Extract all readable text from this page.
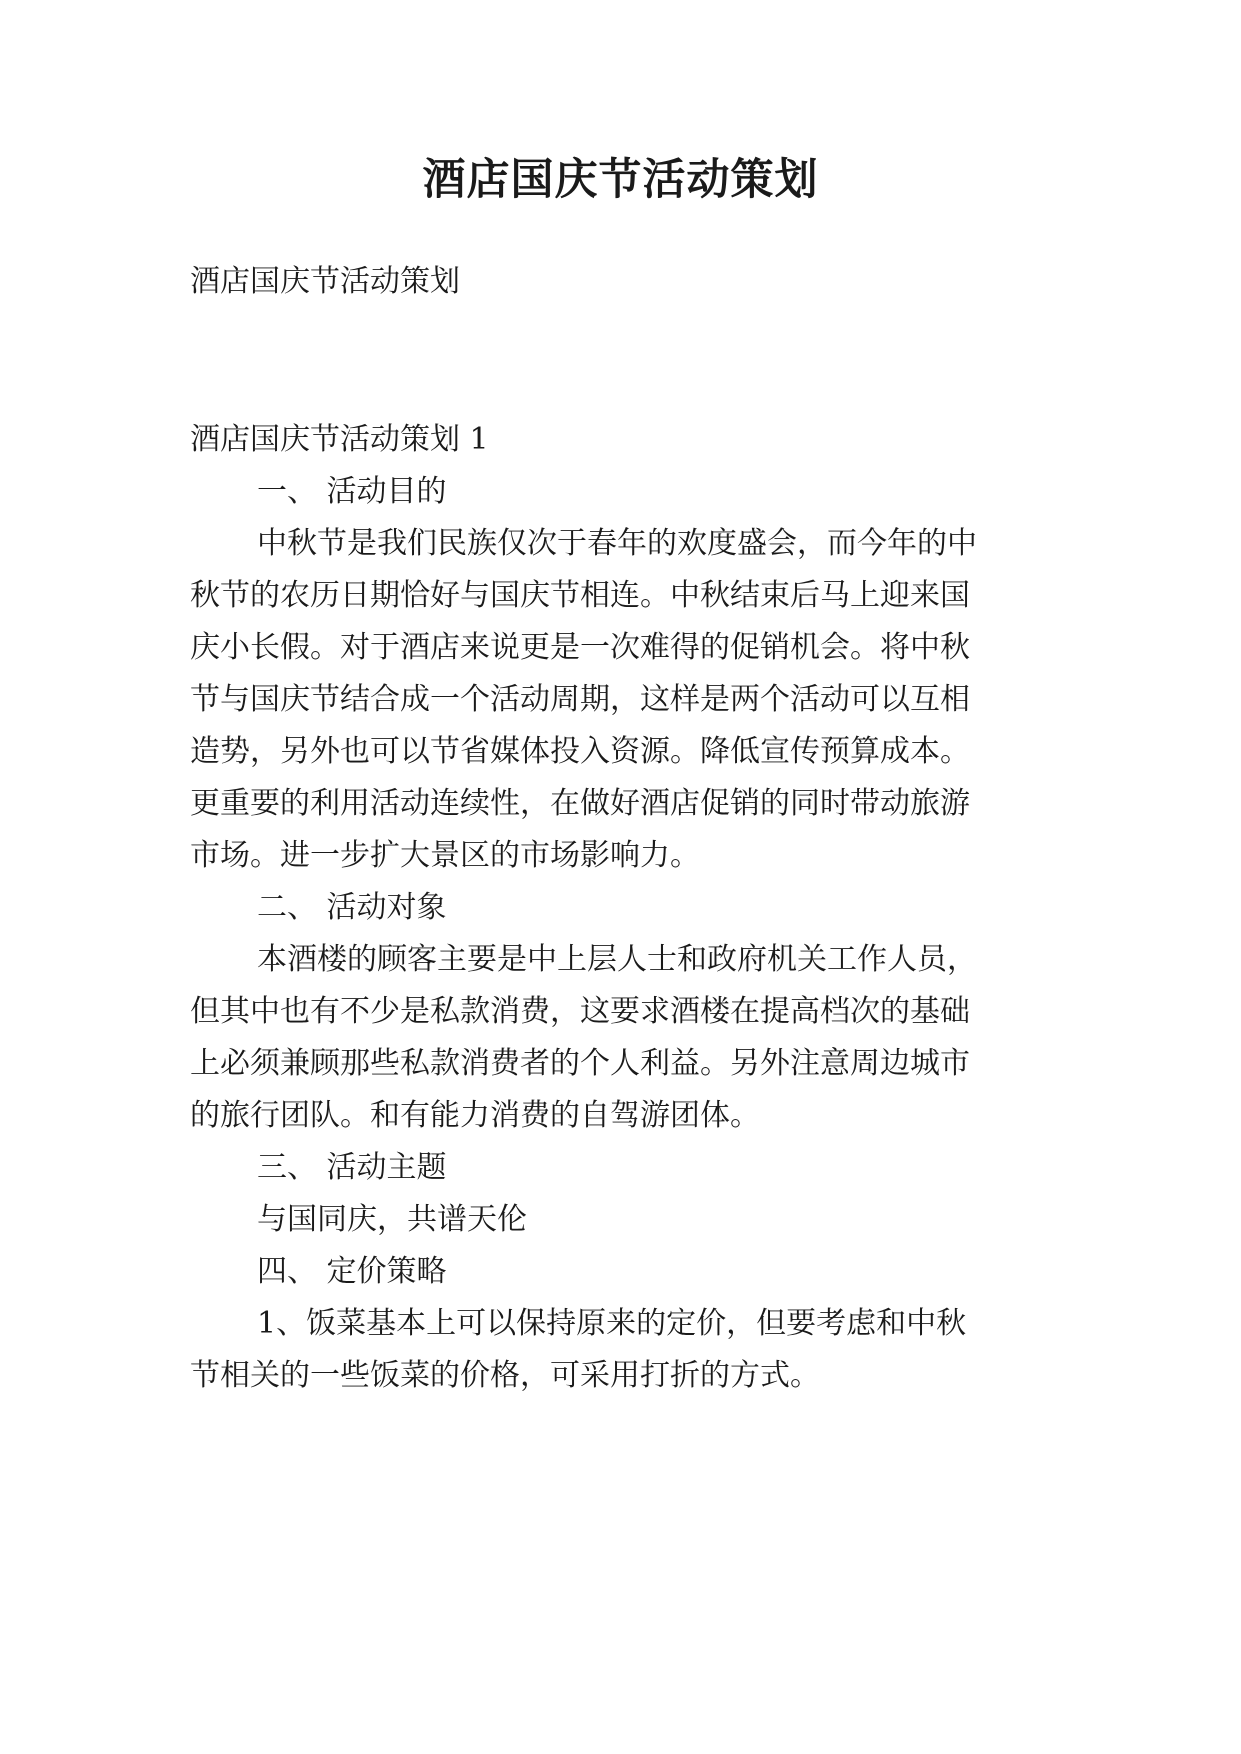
酒店国庆节活动策划
酒店国庆节活动策划
酒店国庆节活动策划 1
一、 活动目的
中秋节是我们民族仅次于春年的欢度盛会，而今年的中
秋节的农历日期恰好与国庆节相连。中秋结束后马上迎来国
庆小长假。对于酒店来说更是一次难得的促销机会。将中秋
节与国庆节结合成一个活动周期，这样是两个活动可以互相
造势，另外也可以节省媒体投入资源。降低宣传预算成本。
更重要的利用活动连续性，在做好酒店促销的同时带动旅游
市场。进一步扩大景区的市场影响力。
二、 活动对象
本酒楼的顾客主要是中上层人士和政府机关工作人员，
但其中也有不少是私款消费，这要求酒楼在提高档次的基础
上必须兼顾那些私款消费者的个人利益。另外注意周边城市
的旅行团队。和有能力消费的自驾游团体。
三、 活动主题
与国同庆，共谱天伦
四、 定价策略
1、饭菜基本上可以保持原来的定价，但要考虑和中秋
节相关的一些饭菜的价格，可采用打折的方式。
